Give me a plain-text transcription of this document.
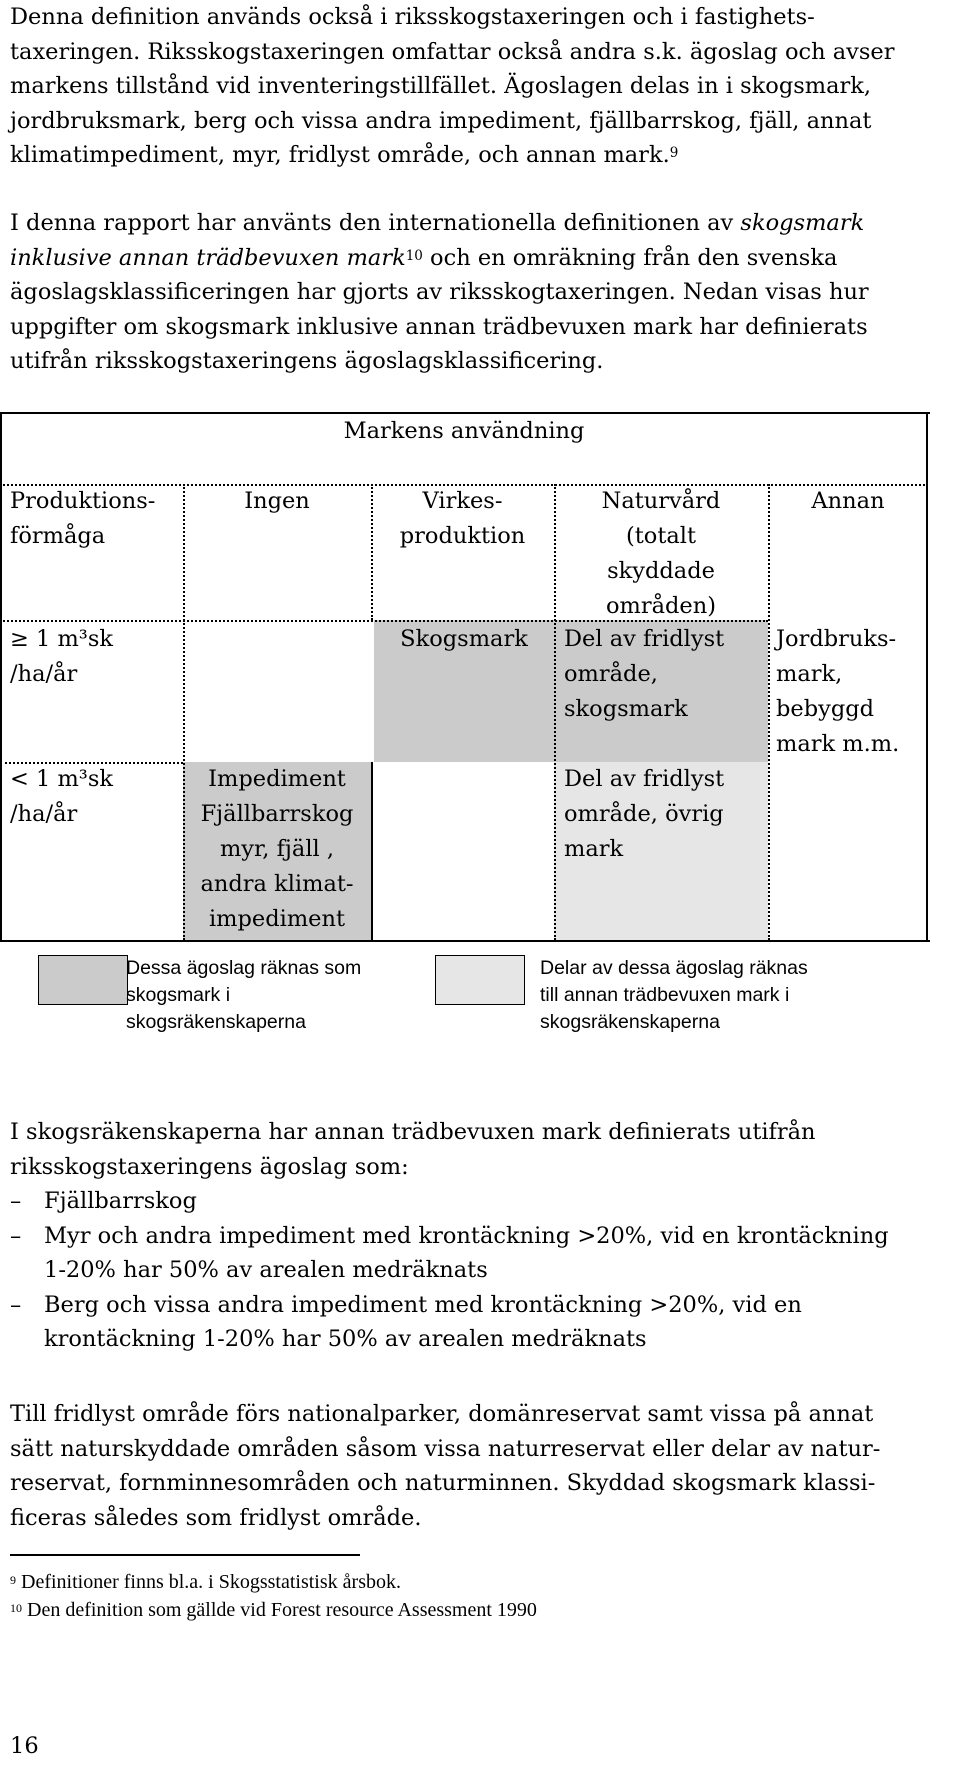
Denna definition används också i riksskogstaxeringen och i fastighets-
taxeringen. Riksskogstaxeringen omfattar också andra s.k. ägoslag och avser
markens tillstånd vid inventeringstillfället. Ägoslagen delas in i skogsmark,
jordbruksmark, berg och vissa andra impediment, fjällbarrskog, fjäll, annat
klimatimpediment, myr, fridlyst område, och annan mark.$^9$
I denna rapport har använts den internationella definitionen av skogsmark
inklusive annan trädbevuxen mark$^{10}$ och en omräkning från den svenska
ägoslagsklassificeringen har gjorts av riksskogtaxeringen. Nedan visas hur
uppgifter om skogsmark inklusive annan trädbevuxen mark har definierats
utifrån riksskogstaxeringens ägoslagsklassificering.
Markens användning
Produktions-
förmåga
Ingen	Virkes-
produktion
Naturvård
(totalt
skyddade
områden)
Annan
≥ 1 m³sk
/ha/år
Skogsmark	Del av fridlyst
område,
skogsmark
Jordbruks-
mark,
bebyggd
mark m.m.
< 1 m³sk
/ha/år
Impediment
Fjällbarrskog
myr, fjäll ,
andra klimat-
impediment
Del av fridlyst
område, övrig
mark
Dessa ägoslag räknas som
skogsmark i
skogsräkenskaperna
Delar av dessa ägoslag räknas
till annan trädbevuxen mark i
skogsräkenskaperna
I skogsräkenskaperna har annan trädbevuxen mark definierats utifrån
riksskogstaxeringens ägoslag som:
– Fjällbarrskog
– Myr och andra impediment med krontäckning >20%, vid en krontäckning
1-20% har 50% av arealen medräknats
– Berg och vissa andra impediment med krontäckning >20%, vid en
krontäckning 1-20% har 50% av arealen medräknats
Till fridlyst område förs nationalparker, domänreservat samt vissa på annat
sätt naturskyddade områden såsom vissa naturreservat eller delar av natur-
reservat, fornminnesområden och naturminnen. Skyddad skogsmark klassi-
ficeras således som fridlyst område.
$^9$ Definitioner finns bl.a. i Skogsstatistisk årsbok.
$^{10}$ Den definition som gällde vid Forest resource Assessment 1990
16
